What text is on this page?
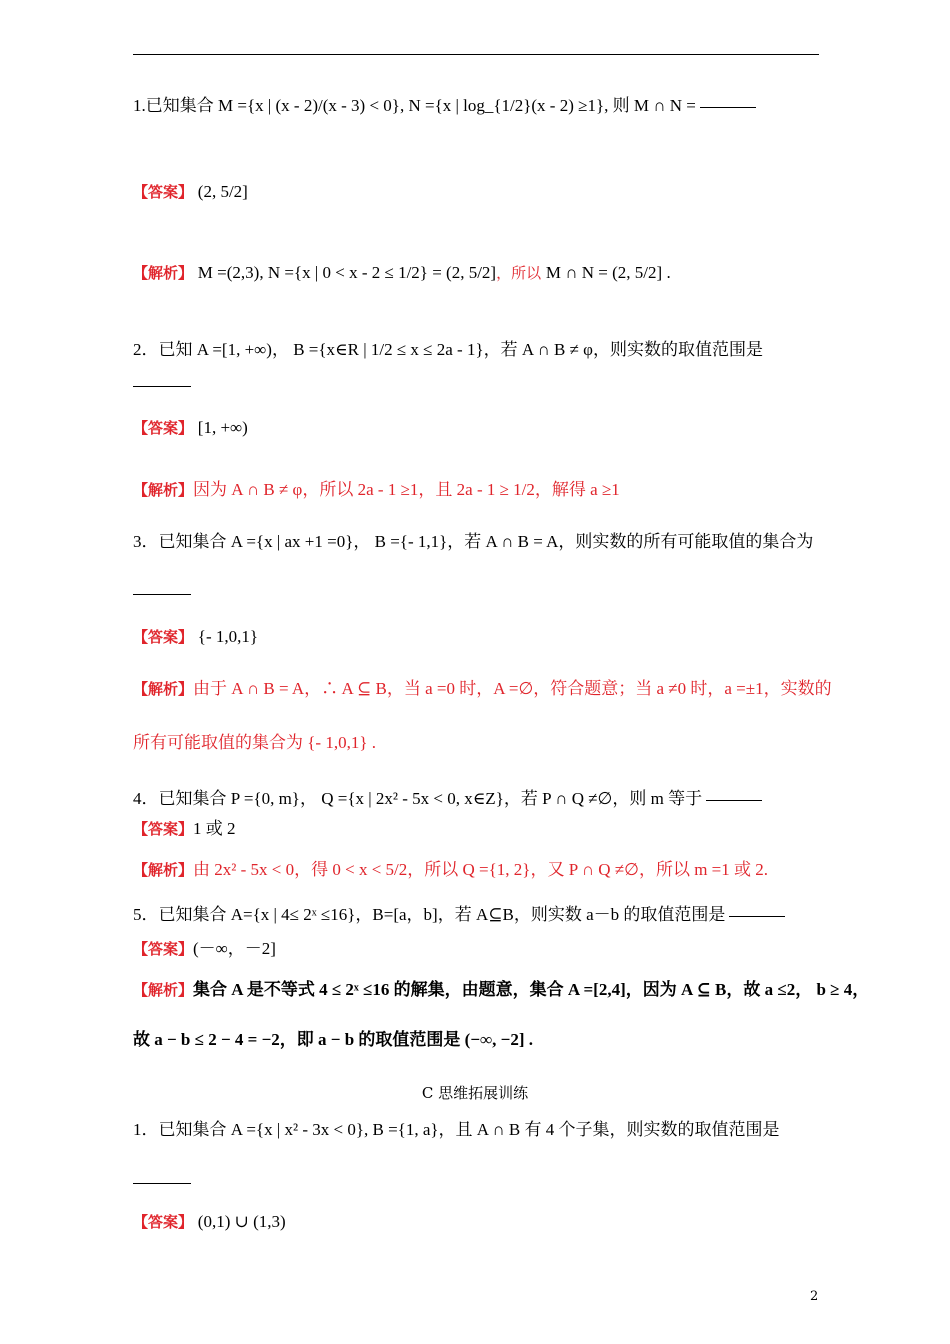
1.已知集合 M ={x | (x - 2)/(x - 3) < 0}, N ={x | log_{1/2}(x - 2) ≥1}, 则 M ∩ N =
【答案】 (2, 5/2]
【解析】 M =(2,3), N ={x | 0 < x - 2 ≤ 1/2} = (2, 5/2]，所以 M ∩ N = (2, 5/2] .
2．已知 A =[1, +∞)， B ={x∈R | 1/2 ≤ x ≤ 2a - 1}，若 A ∩ B ≠ φ，则实数的取值范围是
【答案】 [1, +∞)
【解析】因为 A ∩ B ≠ φ，所以 2a - 1 ≥1，且 2a - 1 ≥ 1/2，解得 a ≥1
3．已知集合 A ={x | ax +1 =0}， B ={- 1,1}，若 A ∩ B = A，则实数的所有可能取值的集合为
【答案】 {- 1,0,1}
【解析】由于 A ∩ B = A，∴ A ⊆ B，当 a =0 时，A =∅，符合题意；当 a ≠0 时，a =±1，实数的
所有可能取值的集合为 {- 1,0,1} .
4．已知集合 P ={0, m}， Q ={x | 2x² - 5x < 0, x∈Z}，若 P ∩ Q ≠∅，则 m 等于
【答案】1 或 2
【解析】由 2x² - 5x < 0，得 0 < x < 5/2，所以 Q ={1, 2}，又 P ∩ Q ≠∅，所以 m =1 或 2.
5．已知集合 A={x | 4≤ 2ˣ ≤16}，B=[a，b]，若 A⊆B，则实数 a－b 的取值范围是
【答案】(－∞，－2]
【解析】集合 A 是不等式 4 ≤ 2ˣ ≤16 的解集，由题意，集合 A =[2,4]，因为 A ⊆ B，故 a ≤2， b ≥ 4，
故 a − b ≤ 2 − 4 = −2，即 a − b 的取值范围是 (−∞, −2] .
C 思维拓展训练
1．已知集合 A ={x | x² - 3x < 0}, B ={1, a}，且 A ∩ B 有 4 个子集，则实数的取值范围是
【答案】 (0,1) ∪ (1,3)
2
